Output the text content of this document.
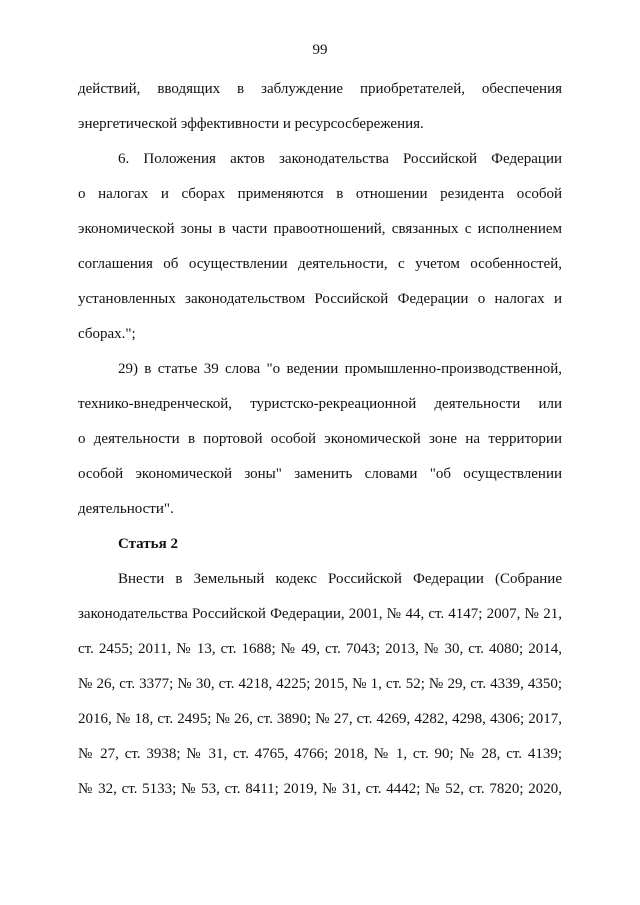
99
действий, вводящих в заблуждение приобретателей, обеспечения
энергетической эффективности и ресурсосбережения.
6. Положения актов законодательства Российской Федерации
о налогах и сборах применяются в отношении резидента особой
экономической зоны в части правоотношений, связанных с исполнением
соглашения об осуществлении деятельности, с учетом особенностей,
установленных законодательством Российской Федерации о налогах и
сборах.";
29) в статье 39 слова "о ведении промышленно-производственной,
технико-внедренческой, туристско-рекреационной деятельности или
о деятельности в портовой особой экономической зоне на территории
особой экономической зоны" заменить словами "об осуществлении
деятельности".
Статья 2
Внести в Земельный кодекс Российской Федерации (Собрание
законодательства Российской Федерации, 2001, № 44, ст. 4147; 2007, № 21,
ст. 2455; 2011, № 13, ст. 1688; № 49, ст. 7043; 2013, № 30, ст. 4080; 2014,
№ 26, ст. 3377; № 30, ст. 4218, 4225; 2015, № 1, ст. 52; № 29, ст. 4339, 4350;
2016, № 18, ст. 2495; № 26, ст. 3890; № 27, ст. 4269, 4282, 4298, 4306; 2017,
№ 27, ст. 3938; № 31, ст. 4765, 4766; 2018, № 1, ст. 90; № 28, ст. 4139;
№ 32, ст. 5133; № 53, ст. 8411; 2019, № 31, ст. 4442; № 52, ст. 7820; 2020,
